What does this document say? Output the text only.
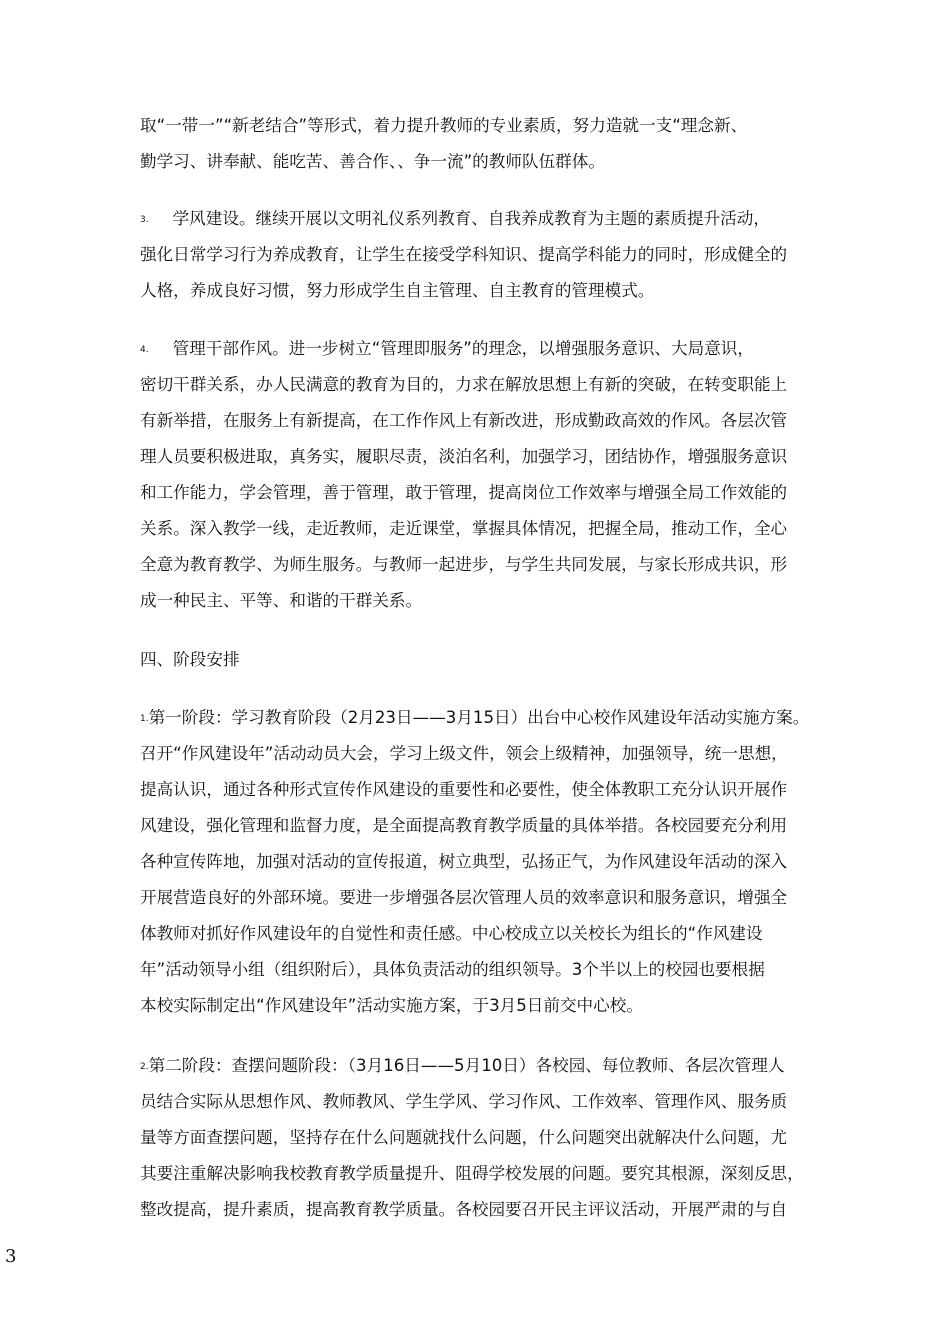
取“一带一”“新老结合”等形式，着力提升教师的专业素质，努力造就一支“理念新、
勤学习、讲奉献、能吃苦、善合作、、争一流”的教师队伍群体。
3. 学风建设。继续开展以文明礼仪系列教育、自我养成教育为主题的素质提升活动，
强化日常学习行为养成教育，让学生在接受学科知识、提高学科能力的同时，形成健全的
人格，养成良好习惯，努力形成学生自主管理、自主教育的管理模式。
4. 管理干部作风。进一步树立“管理即服务”的理念，以增强服务意识、大局意识，
密切干群关系，办人民满意的教育为目的，力求在解放思想上有新的突破，在转变职能上
有新举措，在服务上有新提高，在工作作风上有新改进，形成勤政高效的作风。各层次管
理人员要积极进取，真务实，履职尽责，淡泊名利，加强学习，团结协作，增强服务意识
和工作能力，学会管理，善于管理，敢于管理，提高岗位工作效率与增强全局工作效能的
关系。深入教学一线，走近教师，走近课堂，掌握具体情况，把握全局，推动工作，全心
全意为教育教学、为师生服务。与教师一起进步，与学生共同发展，与家长形成共识，形
成一种民主、平等、和谐的干群关系。
四、阶段安排
1.第一阶段：学习教育阶段（2月23日——3月15日）出台中心校作风建设年活动实施方案。
召开“作风建设年”活动动员大会，学习上级文件，领会上级精神，加强领导，统一思想，
提高认识，通过各种形式宣传作风建设的重要性和必要性，使全体教职工充分认识开展作
风建设，强化管理和监督力度，是全面提高教育教学质量的具体举措。各校园要充分利用
各种宣传阵地，加强对活动的宣传报道，树立典型，弘扬正气，为作风建设年活动的深入
开展营造良好的外部环境。要进一步增强各层次管理人员的效率意识和服务意识，增强全
体教师对抓好作风建设年的自觉性和责任感。中心校成立以关校长为组长的“作风建设
年”活动领导小组（组织附后），具体负责活动的组织领导。3个半以上的校园也要根据
本校实际制定出“作风建设年”活动实施方案，于3月5日前交中心校。
2.第二阶段：查摆问题阶段：（3月16日——5月10日）各校园、每位教师、各层次管理人
员结合实际从思想作风、教师教风、学生学风、学习作风、工作效率、管理作风、服务质
量等方面查摆问题，坚持存在什么问题就找什么问题，什么问题突出就解决什么问题，尤
其要注重解决影响我校教育教学质量提升、阻碍学校发展的问题。要究其根源，深刻反思，
整改提高，提升素质，提高教育教学质量。各校园要召开民主评议活动，开展严肃的与自
3
